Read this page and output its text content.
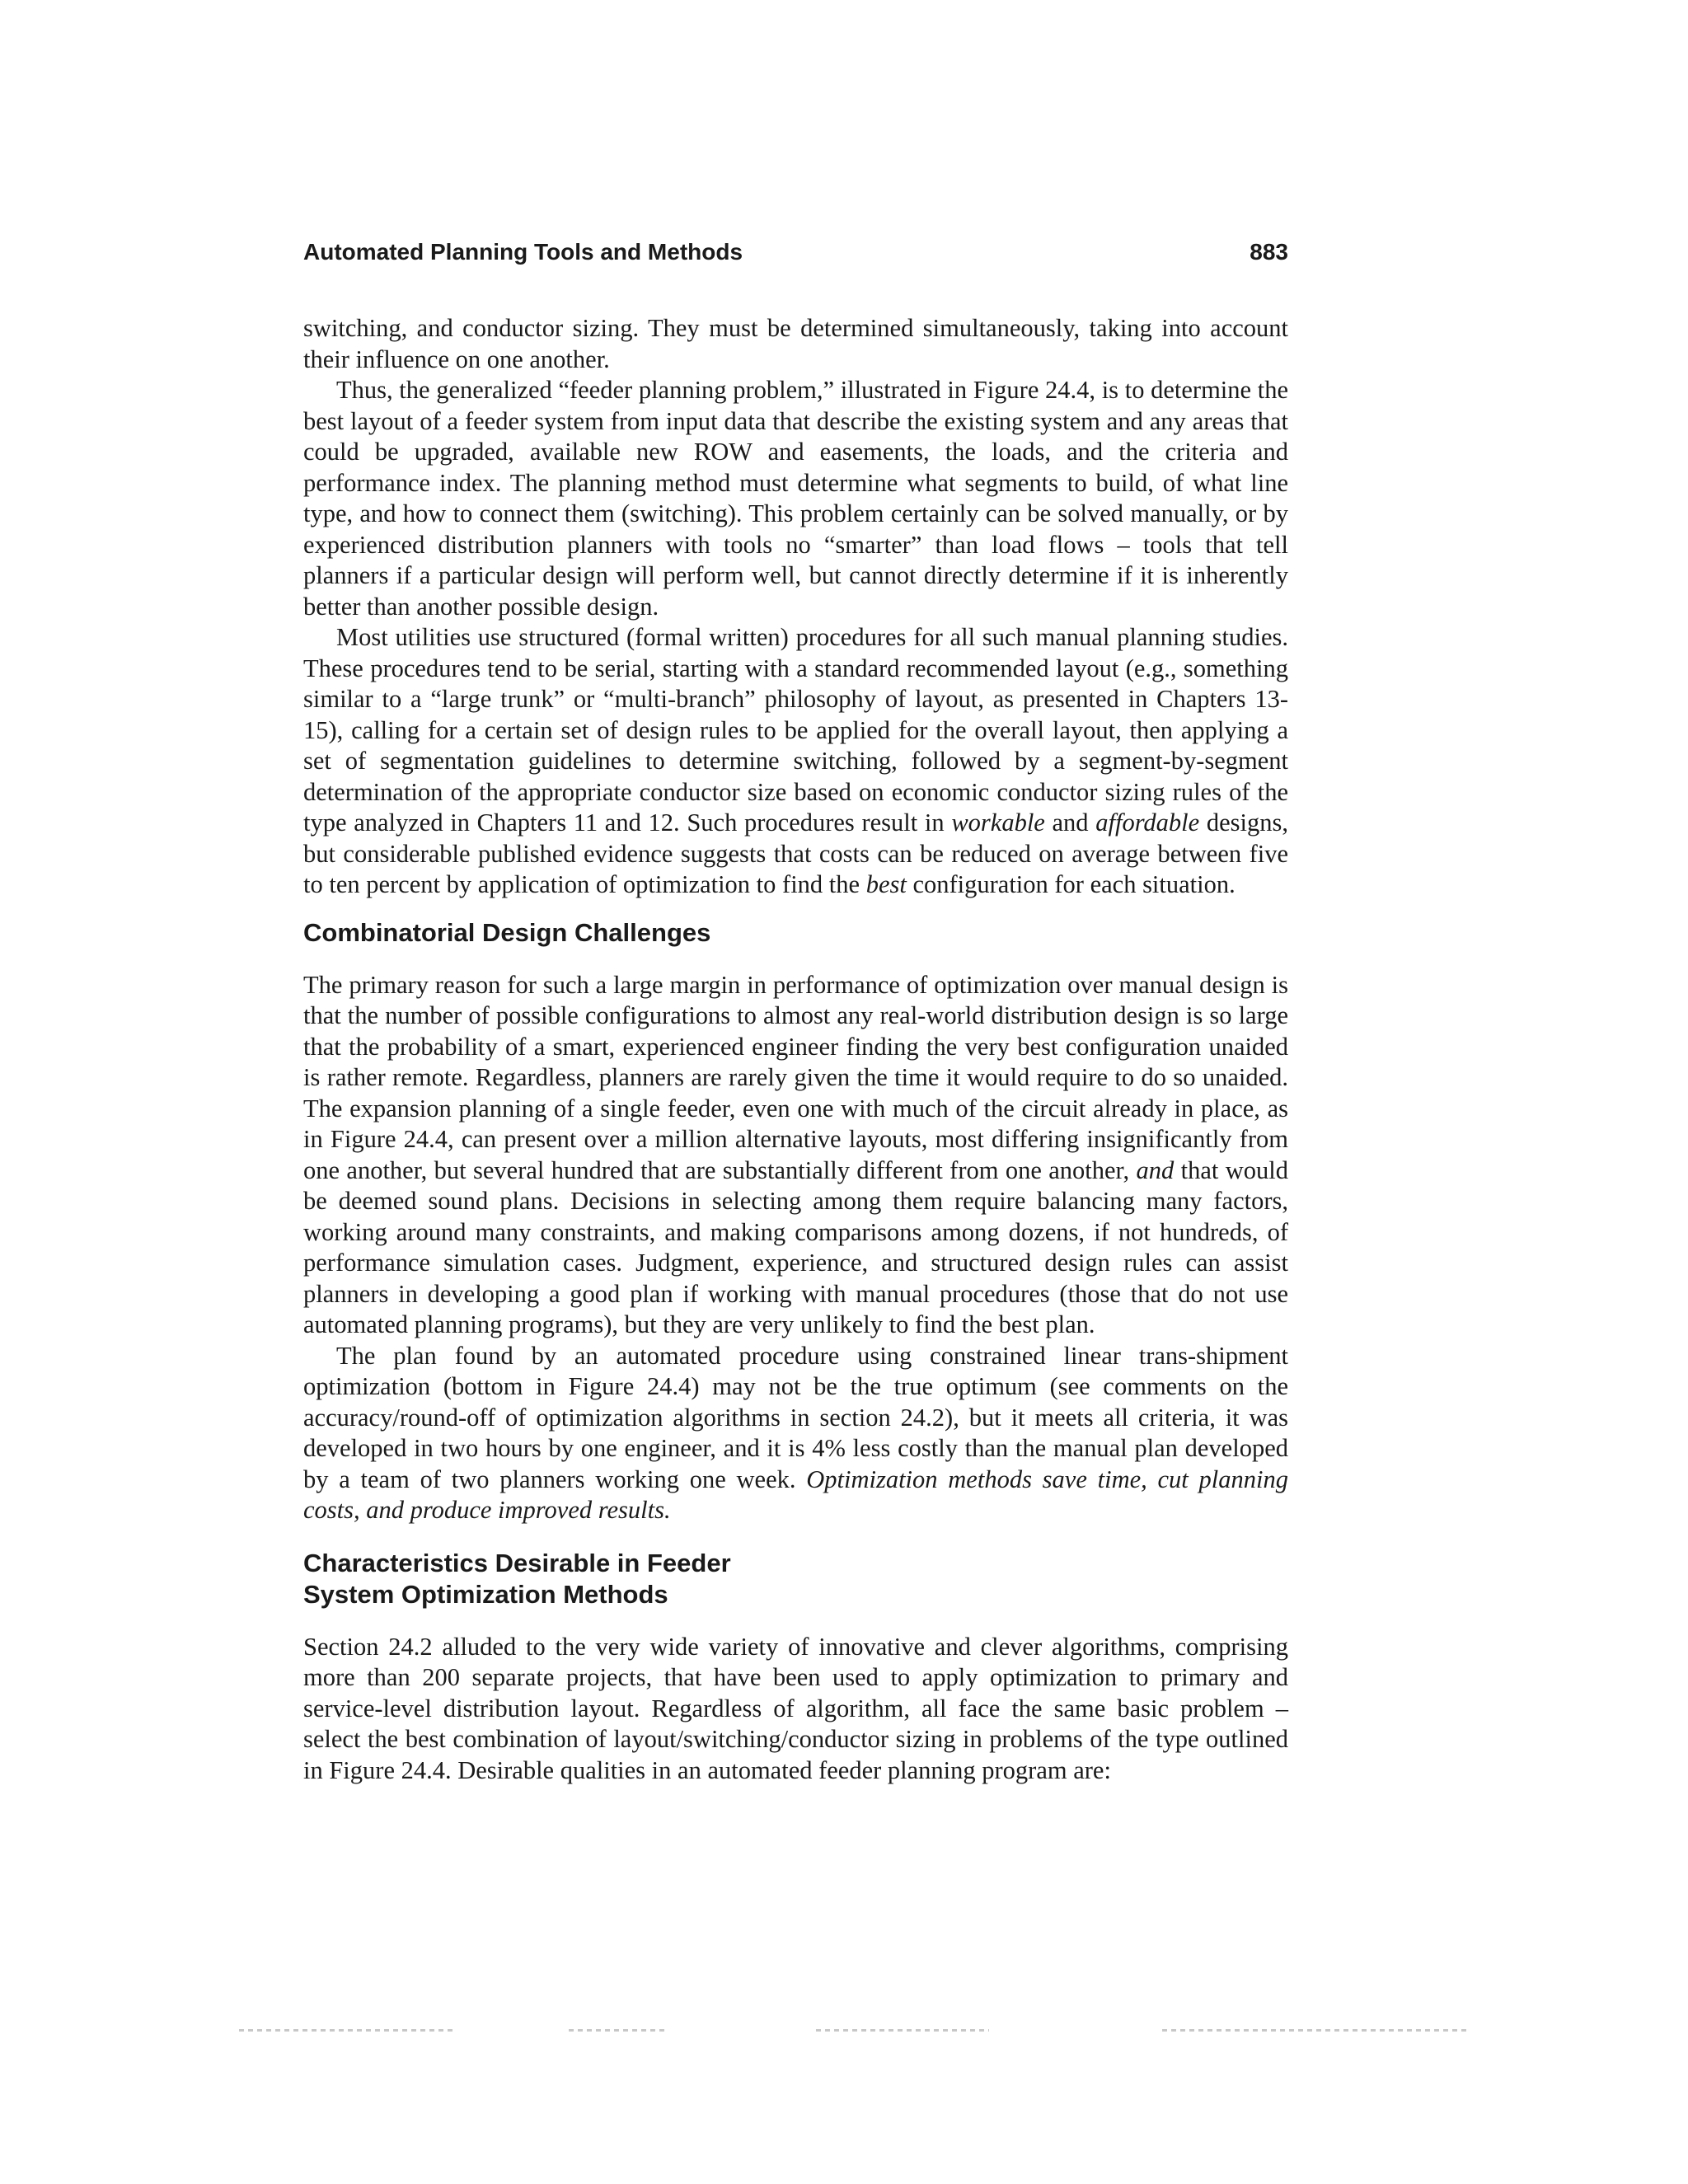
Automated Planning Tools and Methods	883

switching, and conductor sizing. They must be determined simultaneously, taking into account their influence on one another.

Thus, the generalized “feeder planning problem,” illustrated in Figure 24.4, is to determine the best layout of a feeder system from input data that describe the existing system and any areas that could be upgraded, available new ROW and easements, the loads, and the criteria and performance index. The planning method must determine what segments to build, of what line type, and how to connect them (switching). This problem certainly can be solved manually, or by experienced distribution planners with tools no “smarter” than load flows – tools that tell planners if a particular design will perform well, but cannot directly determine if it is inherently better than another possible design.

Most utilities use structured (formal written) procedures for all such manual planning studies. These procedures tend to be serial, starting with a standard recommended layout (e.g., something similar to a “large trunk” or “multi-branch” philosophy of layout, as presented in Chapters 13-15), calling for a certain set of design rules to be applied for the overall layout, then applying a set of segmentation guidelines to determine switching, followed by a segment-by-segment determination of the appropriate conductor size based on economic conductor sizing rules of the type analyzed in Chapters 11 and 12. Such procedures result in workable and affordable designs, but considerable published evidence suggests that costs can be reduced on average between five to ten percent by application of optimization to find the best configuration for each situation.

Combinatorial Design Challenges

The primary reason for such a large margin in performance of optimization over manual design is that the number of possible configurations to almost any real-world distribution design is so large that the probability of a smart, experienced engineer finding the very best configuration unaided is rather remote. Regardless, planners are rarely given the time it would require to do so unaided. The expansion planning of a single feeder, even one with much of the circuit already in place, as in Figure 24.4, can present over a million alternative layouts, most differing insignificantly from one another, but several hundred that are substantially different from one another, and that would be deemed sound plans. Decisions in selecting among them require balancing many factors, working around many constraints, and making comparisons among dozens, if not hundreds, of performance simulation cases. Judgment, experience, and structured design rules can assist planners in developing a good plan if working with manual procedures (those that do not use automated planning programs), but they are very unlikely to find the best plan.

The plan found by an automated procedure using constrained linear trans-shipment optimization (bottom in Figure 24.4) may not be the true optimum (see comments on the accuracy/round-off of optimization algorithms in section 24.2), but it meets all criteria, it was developed in two hours by one engineer, and it is 4% less costly than the manual plan developed by a team of two planners working one week. Optimization methods save time, cut planning costs, and produce improved results.

Characteristics Desirable in Feeder
System Optimization Methods

Section 24.2 alluded to the very wide variety of innovative and clever algorithms, comprising more than 200 separate projects, that have been used to apply optimization to primary and service-level distribution layout. Regardless of algorithm, all face the same basic problem – select the best combination of layout/switching/conductor sizing in problems of the type outlined in Figure 24.4. Desirable qualities in an automated feeder planning program are:
